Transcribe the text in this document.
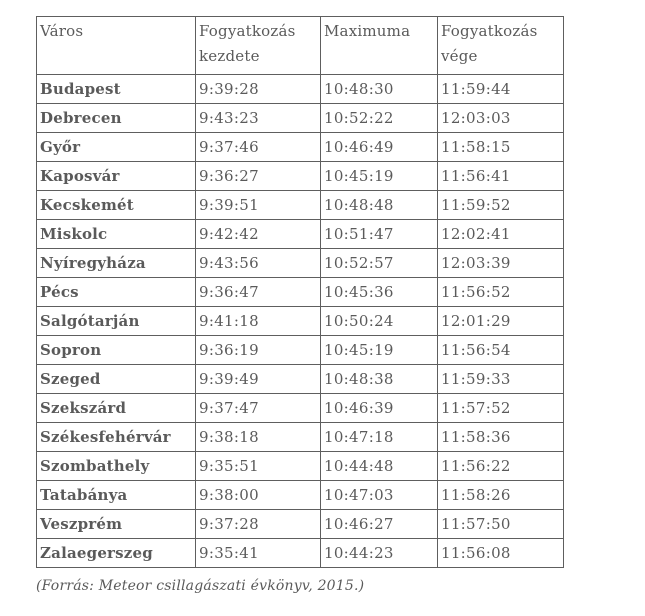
Város	Fogyatkozás kezdete	Maximuma	Fogyatkozás vége
Budapest	9:39:28	10:48:30	11:59:44
Debrecen	9:43:23	10:52:22	12:03:03
Győr	9:37:46	10:46:49	11:58:15
Kaposvár	9:36:27	10:45:19	11:56:41
Kecskemét	9:39:51	10:48:48	11:59:52
Miskolc	9:42:42	10:51:47	12:02:41
Nyíregyháza	9:43:56	10:52:57	12:03:39
Pécs	9:36:47	10:45:36	11:56:52
Salgótarján	9:41:18	10:50:24	12:01:29
Sopron	9:36:19	10:45:19	11:56:54
Szeged	9:39:49	10:48:38	11:59:33
Szekszárd	9:37:47	10:46:39	11:57:52
Székesfehérvár	9:38:18	10:47:18	11:58:36
Szombathely	9:35:51	10:44:48	11:56:22
Tatabánya	9:38:00	10:47:03	11:58:26
Veszprém	9:37:28	10:46:27	11:57:50
Zalaegerszeg	9:35:41	10:44:23	11:56:08
(Forrás: Meteor csillagászati évkönyv, 2015.)
